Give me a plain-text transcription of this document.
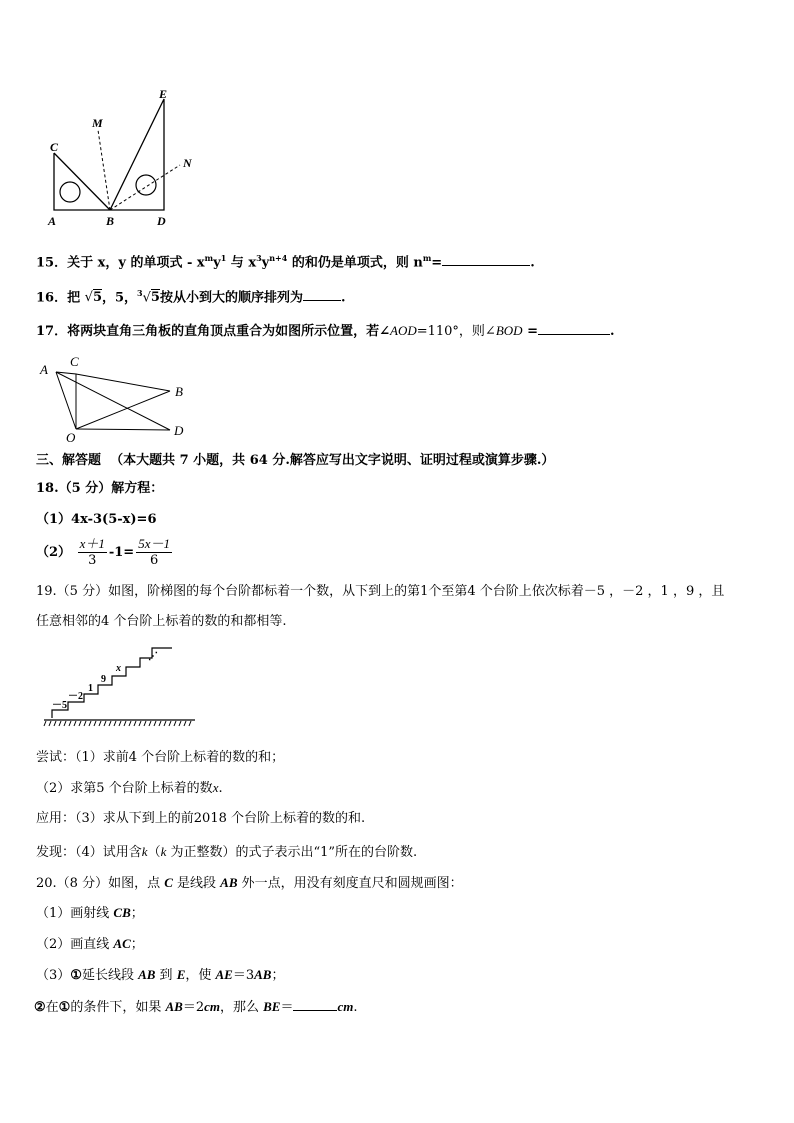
C
M
E
N
A	B	D
15．关于 x，y 的单项式 - $x^my^1$ 与 $x^3y^{n+4}$ 的和仍是单项式，则 $n^m=$	.
16．把 √5，5，$^3$√5按从小到大的顺序排列为	.
17．将两块直角三角板的直角顶点重合为如图所示位置，若∠AOD=110°，则∠BOD =	.
A
C
B
O	D
三、解答题 （本大题共 7 小题，共 64 分.解答应写出文字说明、证明过程或演算步骤.）
18.（5 分）解方程：
（1）4x-3(5-x)=6
$(2) \frac{x+1}{3} -1= \frac{5x-1}{6}$
19.（5 分）如图，阶梯图的每个台阶都标着一个数，从下到上的第1个至第4 个台阶上依次标着－5 ，－2 ，1 ，9 ，且
任意相邻的4 个台阶上标着的数的和都相等.
⋰
－5
－2
1
9
x
尝试：（1）求前4 个台阶上标着的数的和；
（2）求第5 个台阶上标着的数x.
应用：（3）求从下到上的前2018 个台阶上标着的数的和.
发现：（4）试用含k（k 为正整数）的式子表示出“1”所在的台阶数.
20.（8 分）如图，点 C 是线段 AB 外一点，用没有刻度直尺和圆规画图：
（1）画射线 CB；
（2）画直线 AC；
（3）①延长线段 AB 到 E，使 AE＝3AB；
②在①的条件下，如果 AB＝2cm，那么 BE＝	cm.
